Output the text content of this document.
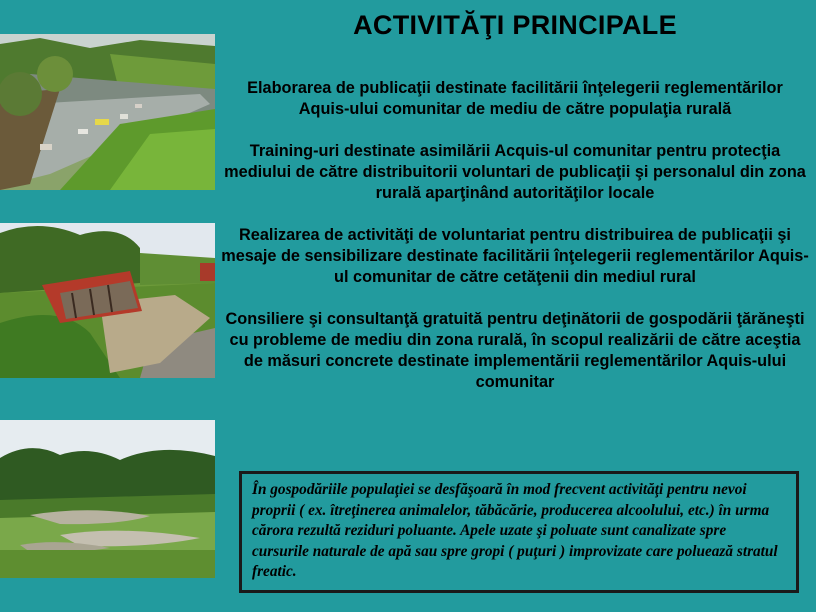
ACTIVITĂŢI PRINCIPALE

Elaborarea de publicaţii destinate facilitării înţelegerii reglementărilor Aquis-ului comunitar de mediu de către populaţia rurală

Training-uri destinate asimilării Acquis-ul comunitar pentru protecţia mediului de către distribuitorii voluntari de publicaţii şi personalul din zona rurală aparţinând autorităţilor locale

Realizarea de activităţi de voluntariat pentru distribuirea de publicaţii şi mesaje de sensibilizare destinate facilitării înţelegerii reglementărilor Aquis-ul comunitar de către cetăţenii din mediul rural

Consiliere şi consultanţă gratuită pentru deţinătorii de gospodării ţărăneşti cu probleme de mediu din zona rurală, în scopul realizării de către aceştia de măsuri concrete destinate implementării reglementărilor Aquis-ului comunitar

În gospodăriile populaţiei se desfăşoară în mod frecvent activităţi pentru nevoi proprii ( ex. îtreţinerea animalelor, tăbăcărie, producerea alcoolului, etc.) în urma cărora rezultă reziduri poluante. Apele uzate şi poluate sunt canalizate spre cursurile naturale de apă sau spre gropi ( puţuri ) improvizate care poluează stratul freatic.
